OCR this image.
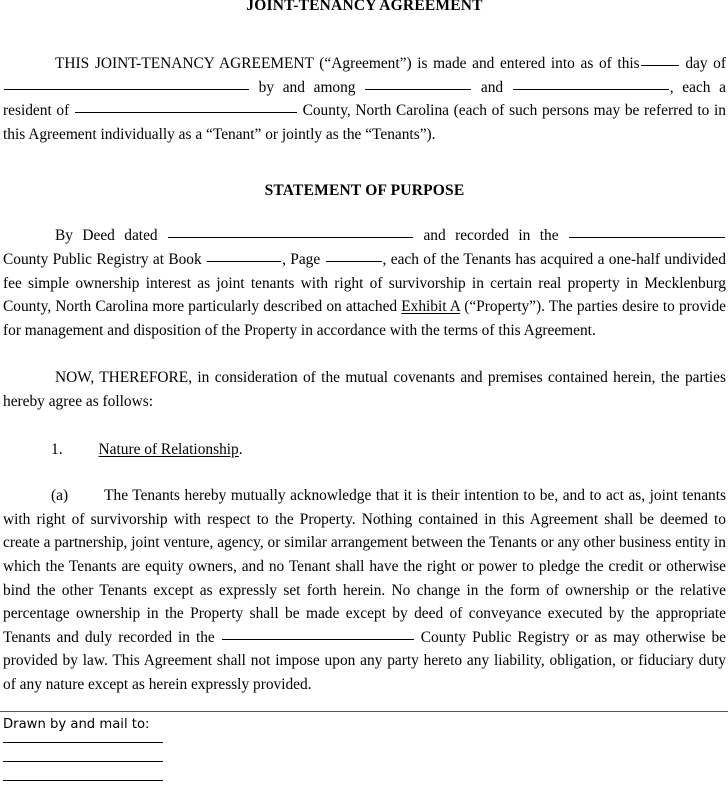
JOINT-TENANCY AGREEMENT

THIS JOINT-TENANCY AGREEMENT (“Agreement”) is made and entered into as of this	day of  by and among	and	, each a resident of	County, North Carolina (each of such persons may be referred to in this Agreement individually as a “Tenant” or jointly as the “Tenants”).

STATEMENT OF PURPOSE

By Deed dated	and recorded in the  County Public Registry at Book	, Page	, each of the Tenants has acquired a one-half undivided fee simple ownership interest as joint tenants with right of survivorship in certain real property in Mecklenburg County, North Carolina more particularly described on attached Exhibit A (“Property”). The parties desire to provide for management and disposition of the Property in accordance with the terms of this Agreement.

NOW, THEREFORE, in consideration of the mutual covenants and premises contained herein, the parties hereby agree as follows:

1. Nature of Relationship.

(a) The Tenants hereby mutually acknowledge that it is their intention to be, and to act as, joint tenants with right of survivorship with respect to the Property. Nothing contained in this Agreement shall be deemed to create a partnership, joint venture, agency, or similar arrangement between the Tenants or any other business entity in which the Tenants are equity owners, and no Tenant shall have the right or power to pledge the credit or otherwise bind the other Tenants except as expressly set forth herein. No change in the form of ownership or the relative percentage ownership in the Property shall be made except by deed of conveyance executed by the appropriate Tenants and duly recorded in the	County Public Registry or as may otherwise be provided by law. This Agreement shall not impose upon any party hereto any liability, obligation, or fiduciary duty of any nature except as herein expressly provided.

Drawn by and mail to:
